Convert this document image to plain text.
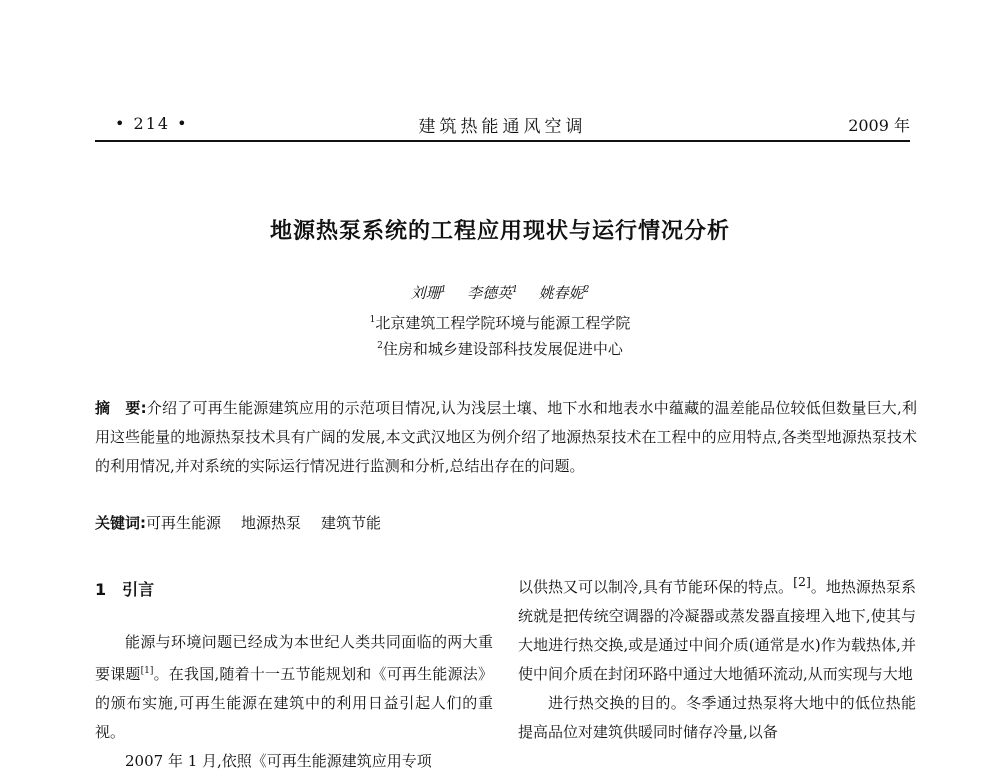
• 214 •	建筑热能通风空调	2009 年
地源热泵系统的工程应用现状与运行情况分析
刘珊$^1$ 李德英$^1$ 姚春妮$^2$
$^1$北京建筑工程学院环境与能源工程学院
$^2$住房和城乡建设部科技发展促进中心
摘　要:介绍了可再生能源建筑应用的示范项目情况,认为浅层土壤、地下水和地表水中蕴藏的温差能品位较低但数量巨大,利用这些能量的地源热泵技术具有广阔的发展,本文武汉地区为例介绍了地源热泵技术在工程中的应用特点,各类型地源热泵技术的利用情况,并对系统的实际运行情况进行监测和分析,总结出存在的问题。
关键词:可再生能源 地源热泵 建筑节能
1 引言

能源与环境问题已经成为本世纪人类共同面临的两大重要课题[1]。在我国,随着十一五节能规划和《可再生能源法》的颁布实施,可再生能源在建筑中的利用日益引起人们的重视。

2007 年 1 月,依照《可再生能源建筑应用专项

以供热又可以制冷,具有节能环保的特点。[2]。地热源热泵系统就是把传统空调器的冷凝器或蒸发器直接埋入地下,使其与大地进行热交换,或是通过中间介质(通常是水)作为载热体,并使中间介质在封闭环路中通过大地循环流动,从而实现与大地

进行热交换的目的。冬季通过热泵将大地中的低位热能提高品位对建筑供暖同时储存冷量,以备
